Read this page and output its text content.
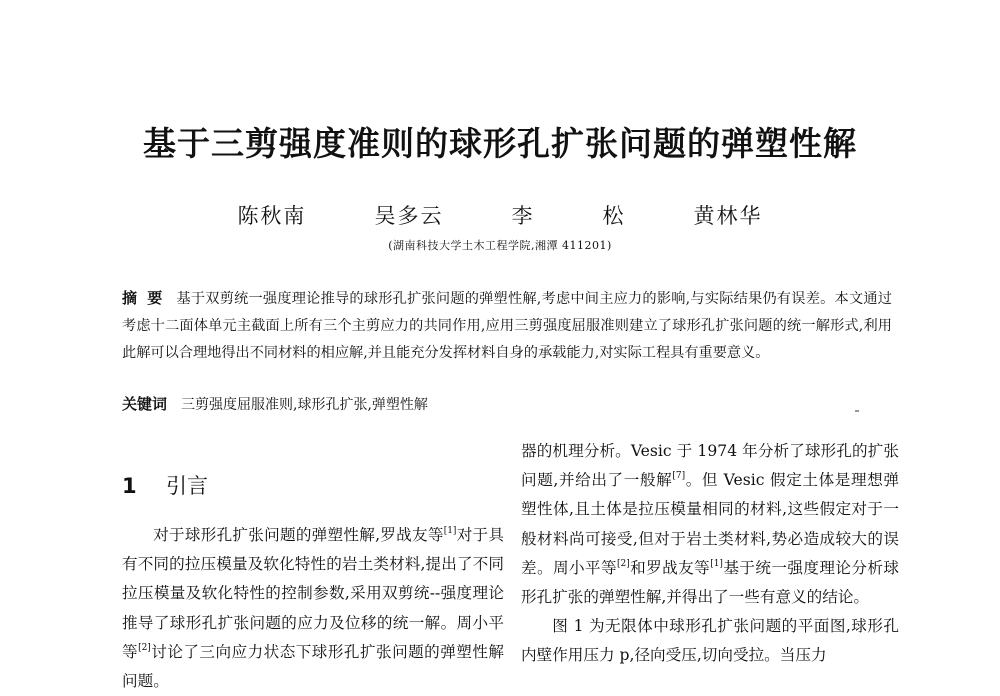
基于三剪强度准则的球形孔扩张问题的弹塑性解
陈秋南   吴多云   李   松   黄林华
(湖南科技大学土木工程学院,湘潭 411201)
摘要 基于双剪统一强度理论推导的球形孔扩张问题的弹塑性解,考虑中间主应力的影响,与实际结果仍有误差。本文通过考虑十二面体单元主截面上所有三个主剪应力的共同作用,应用三剪强度屈服准则建立了球形孔扩张问题的统一解形式,利用此解可以合理地得出不同材料的相应解,并且能充分发挥材料自身的承载能力,对实际工程具有重要意义。
关键词 三剪强度屈服准则,球形孔扩张,弹塑性解
1 引言

对于球形孔扩张问题的弹塑性解,罗战友等[1]对于具有不同的拉压模量及软化特性的岩土类材料,提出了不同拉压模量及软化特性的控制参数,采用双剪统--强度理论推导了球形孔扩张问题的应力及位移的统一解。周小平等[2]讨论了三向应力状态下球形孔扩张问题的弹塑性解问题。

器的机理分析。Vesic 于 1974 年分析了球形孔的扩张问题,并给出了一般解[7]。但 Vesic 假定土体是理想弹塑性体,且土体是拉压模量相同的材料,这些假定对于一般材料尚可接受,但对于岩土类材料,势必造成较大的误差。周小平等[2]和罗战友等[1]基于统一强度理论分析球形孔扩张的弹塑性解,并得出了一些有意义的结论。

图 1 为无限体中球形孔扩张问题的平面图,球形孔内壁作用压力 p,径向受压,切向受拉。当压力
